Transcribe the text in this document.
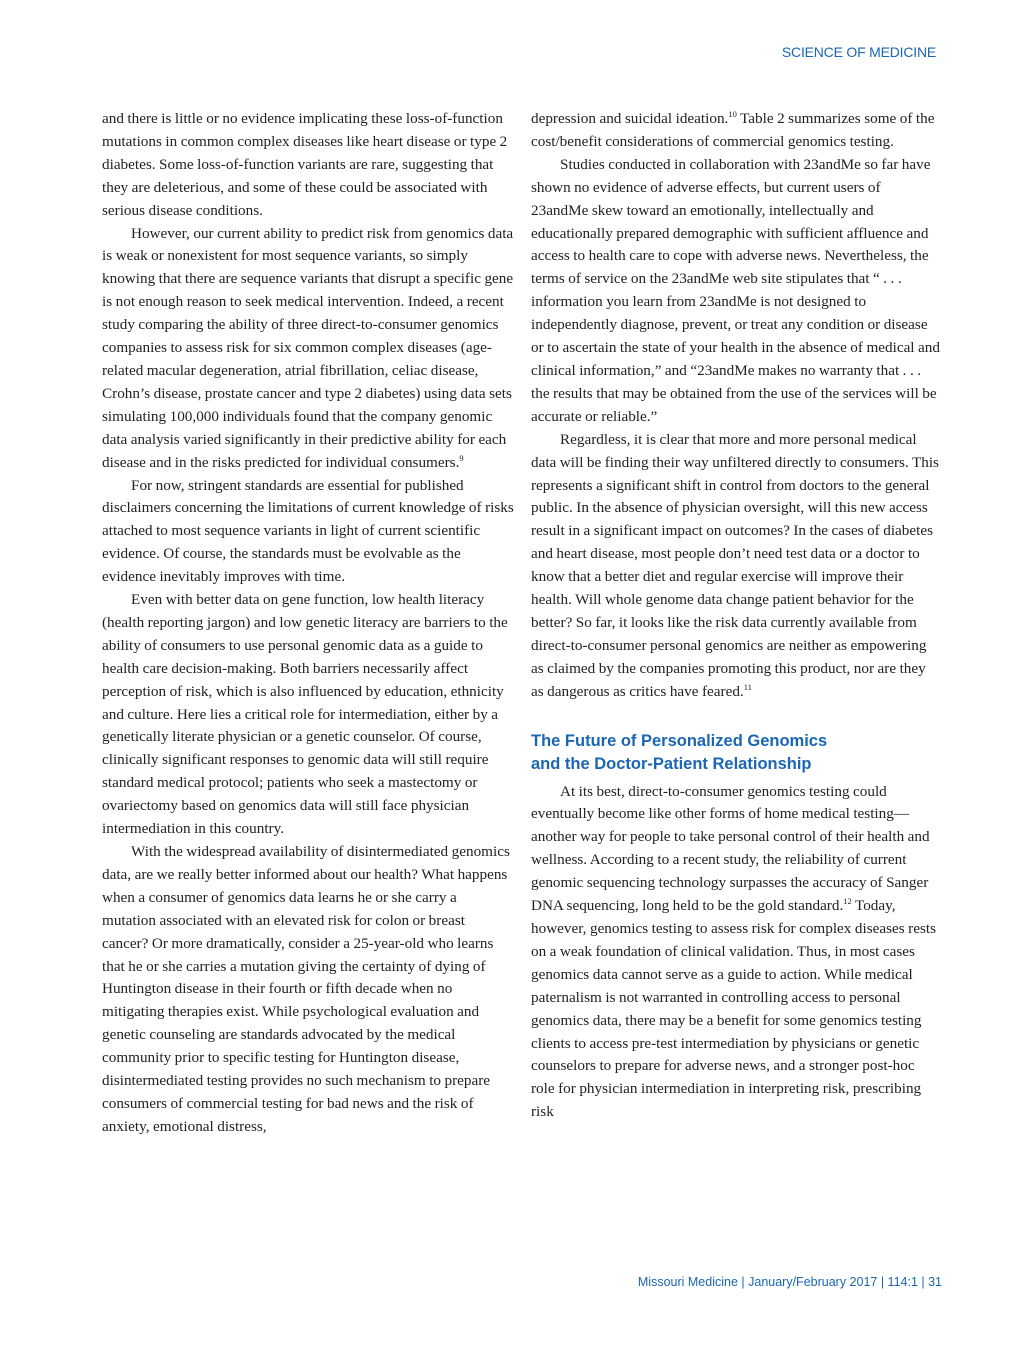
SCIENCE OF MEDICINE

and there is little or no evidence implicating these loss-of-function mutations in common complex diseases like heart disease or type 2 diabetes. Some loss-of-function variants are rare, suggesting that they are deleterious, and some of these could be associated with serious disease conditions.

However, our current ability to predict risk from genomics data is weak or nonexistent for most sequence variants, so simply knowing that there are sequence variants that disrupt a specific gene is not enough reason to seek medical intervention. Indeed, a recent study comparing the ability of three direct-to-consumer genomics companies to assess risk for six common complex diseases (age-related macular degeneration, atrial fibrillation, celiac disease, Crohn’s disease, prostate cancer and type 2 diabetes) using data sets simulating 100,000 individuals found that the company genomic data analysis varied significantly in their predictive ability for each disease and in the risks predicted for individual consumers.$^9$

For now, stringent standards are essential for published disclaimers concerning the limitations of current knowledge of risks attached to most sequence variants in light of current scientific evidence. Of course, the standards must be evolvable as the evidence inevitably improves with time.

Even with better data on gene function, low health literacy (health reporting jargon) and low genetic literacy are barriers to the ability of consumers to use personal genomic data as a guide to health care decision-making. Both barriers necessarily affect perception of risk, which is also influenced by education, ethnicity and culture. Here lies a critical role for intermediation, either by a genetically literate physician or a genetic counselor. Of course, clinically significant responses to genomic data will still require standard medical protocol; patients who seek a mastectomy or ovariectomy based on genomics data will still face physician intermediation in this country.

With the widespread availability of disintermediated genomics data, are we really better informed about our health? What happens when a consumer of genomics data learns he or she carry a mutation associated with an elevated risk for colon or breast cancer? Or more dramatically, consider a 25-year-old who learns that he or she carries a mutation giving the certainty of dying of Huntington disease in their fourth or fifth decade when no mitigating therapies exist. While psychological evaluation and genetic counseling are standards advocated by the medical community prior to specific testing for Huntington disease, disintermediated testing provides no such mechanism to prepare consumers of commercial testing for bad news and the risk of anxiety, emotional distress,

depression and suicidal ideation.$^{10}$ Table 2 summarizes some of the cost/benefit considerations of commercial genomics testing.

Studies conducted in collaboration with 23andMe so far have shown no evidence of adverse effects, but current users of 23andMe skew toward an emotionally, intellectually and educationally prepared demographic with sufficient affluence and access to health care to cope with adverse news. Nevertheless, the terms of service on the 23andMe web site stipulates that “ . . . information you learn from 23andMe is not designed to independently diagnose, prevent, or treat any condition or disease or to ascertain the state of your health in the absence of medical and clinical information,” and “23andMe makes no warranty that . . . the results that may be obtained from the use of the services will be accurate or reliable.”

Regardless, it is clear that more and more personal medical data will be finding their way unfiltered directly to consumers. This represents a significant shift in control from doctors to the general public. In the absence of physician oversight, will this new access result in a significant impact on outcomes? In the cases of diabetes and heart disease, most people don’t need test data or a doctor to know that a better diet and regular exercise will improve their health. Will whole genome data change patient behavior for the better? So far, it looks like the risk data currently available from direct-to-consumer personal genomics are neither as empowering as claimed by the companies promoting this product, nor are they as dangerous as critics have feared.$^{11}$

The Future of Personalized Genomics
and the Doctor-Patient Relationship

At its best, direct-to-consumer genomics testing could eventually become like other forms of home medical testing—another way for people to take personal control of their health and wellness. According to a recent study, the reliability of current genomic sequencing technology surpasses the accuracy of Sanger DNA sequencing, long held to be the gold standard.$^{12}$ Today, however, genomics testing to assess risk for complex diseases rests on a weak foundation of clinical validation. Thus, in most cases genomics data cannot serve as a guide to action. While medical paternalism is not warranted in controlling access to personal genomics data, there may be a benefit for some genomics testing clients to access pre-test intermediation by physicians or genetic counselors to prepare for adverse news, and a stronger post-hoc role for physician intermediation in interpreting risk, prescribing risk

Missouri Medicine | January/February 2017 | 114:1 | 31
